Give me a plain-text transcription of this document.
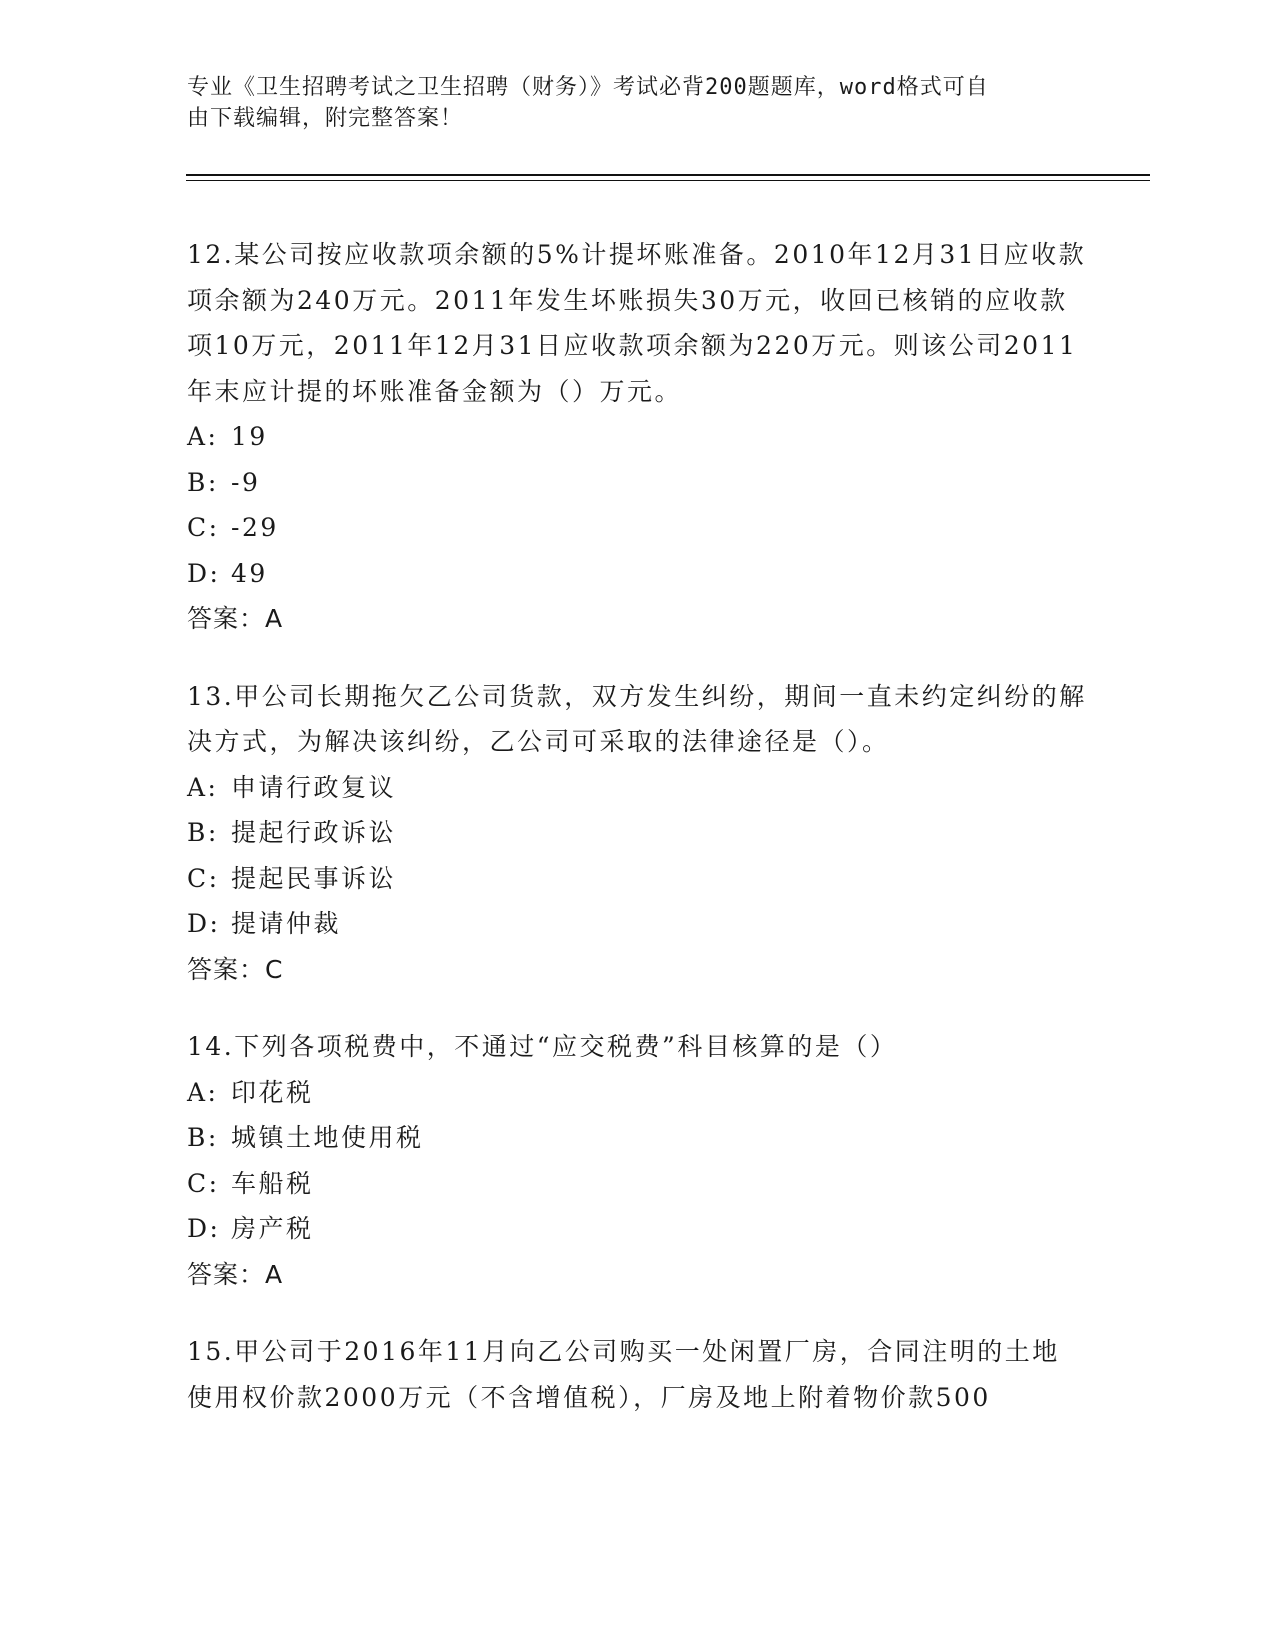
专业《卫生招聘考试之卫生招聘（财务）》考试必背200题题库，word格式可自
由下载编辑，附完整答案！

12.某公司按应收款项余额的5%计提坏账准备。2010年12月31日应收款项余额为240万元。2011年发生坏账损失30万元，收回已核销的应收款项10万元，2011年12月31日应收款项余额为220万元。则该公司2011年末应计提的坏账准备金额为（）万元。

A: 19

B: -9

C: -29

D: 49

答案：A

13.甲公司长期拖欠乙公司货款，双方发生纠纷，期间一直未约定纠纷的解决方式，为解决该纠纷，乙公司可采取的法律途径是（）。

A: 申请行政复议

B: 提起行政诉讼

C: 提起民事诉讼

D: 提请仲裁

答案：C

14.下列各项税费中，不通过“应交税费”科目核算的是（）

A: 印花税

B: 城镇土地使用税

C: 车船税

D: 房产税

答案：A

15.甲公司于2016年11月向乙公司购买一处闲置厂房，合同注明的土地使用权价款2000万元（不含增值税），厂房及地上附着物价款500
